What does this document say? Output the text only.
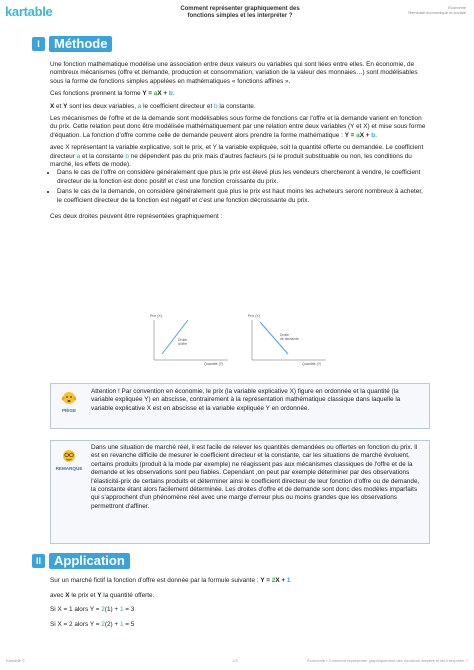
kartable	Comment représenter graphiquement des
fonctions simples et les interpréter ?
Économie
Terminale économique et sociale
I	Méthode

Une fonction mathématique modélise une association entre deux valeurs ou variables qui sont liées entre elles. En économie, de nombreux mécanismes (offre et demande, production et consommation, variation de la valeur des monnaies…) sont modélisables sous la forme de fonctions simples appelées en mathématiques « fonctions affines ».

Ces fonctions prennent la forme Y = aX + b.

X et Y sont les deux variables, a le coefficient directeur et b la constante.

Les mécanismes de l'offre et de la demande sont modélisables sous forme de fonctions car l'offre et la demande varient en fonction du prix. Cette relation peut donc être modélisée mathématiquement par une relation entre deux variables (Y et X) et mise sous forme d'équation. La fonction d'offre comme celle de demande peuvent alors prendre la forme mathématique : Y = aX + b.

avec X représentant la variable explicative, soit le prix, et Y la variable expliquée, soit la quantité offerte ou demandée. Le coefficient directeur a et la constante b ne dépendent pas du prix mais d'autres facteurs (si le produit substituable ou non, les conditions du marché, les effets de mode).

• Dans le cas de l'offre on considère généralement que plus le prix est élevé plus les vendeurs chercheront à vendre, le coefficient directeur de la fonction est donc positif et c'est une fonction croissante du prix.
• Dans le cas de la demande, on considère généralement que plus le prix est haut moins les acheteurs seront nombreux à acheter, le coefficient directeur de la fonction est négatif et c'est une fonction décroissante du prix.

Ces deux droites peuvent être représentées graphiquement :

Prix (X)
Droite
d'offre
Quantité (Y)
Prix (X)
Droite
de demande
Quantité (Y)
PIÈGE
Attention ! Par convention en économie, le prix (la variable explicative X) figure en ordonnée et la quantité (la variable expliquée Y) en abscisse, contrairement à la représentation mathématique classique dans laquelle la variable explicative X est en abscisse et la variable expliquée Y en ordonnée.
REMARQUE
Dans une situation de marché réel, il est facile de relever les quantités demandées ou offertes en fonction du prix. Il est en revanche difficile de mesurer le coefficient directeur et la constante, car les situations de marché évoluent, certains produits (produit à la mode par exemple) ne réagissent pas aux mécanismes classiques de l'offre et de la demande et les observations sont peu fiables. Cependant ,on peut par exemple déterminer par des observations l'élasticité-prix de certains produits et déterminer ainsi le coefficient directeur de leur fonction d'offre ou de demande, la constante étant alors facilement déterminée. Les droites d'offre et de demande sont donc des modèles imparfaits qui s'approchent d'un phénomène réel avec une marge d'erreur plus ou moins grandes que les observations permettront d'affiner.
II	Application

Sur un marché fictif la fonction d'offre est donnée par la formule suivante : Y = 2X + 1

avec X le prix et Y la quantité offerte.

Si X = 1 alors Y = 2(1) + 1 = 3

Si X = 2 alors Y = 2(2) + 1 = 5

Kartable ©	1/3	Économie • Comment représenter graphiquement des fonctions simples et les interpréter ?
